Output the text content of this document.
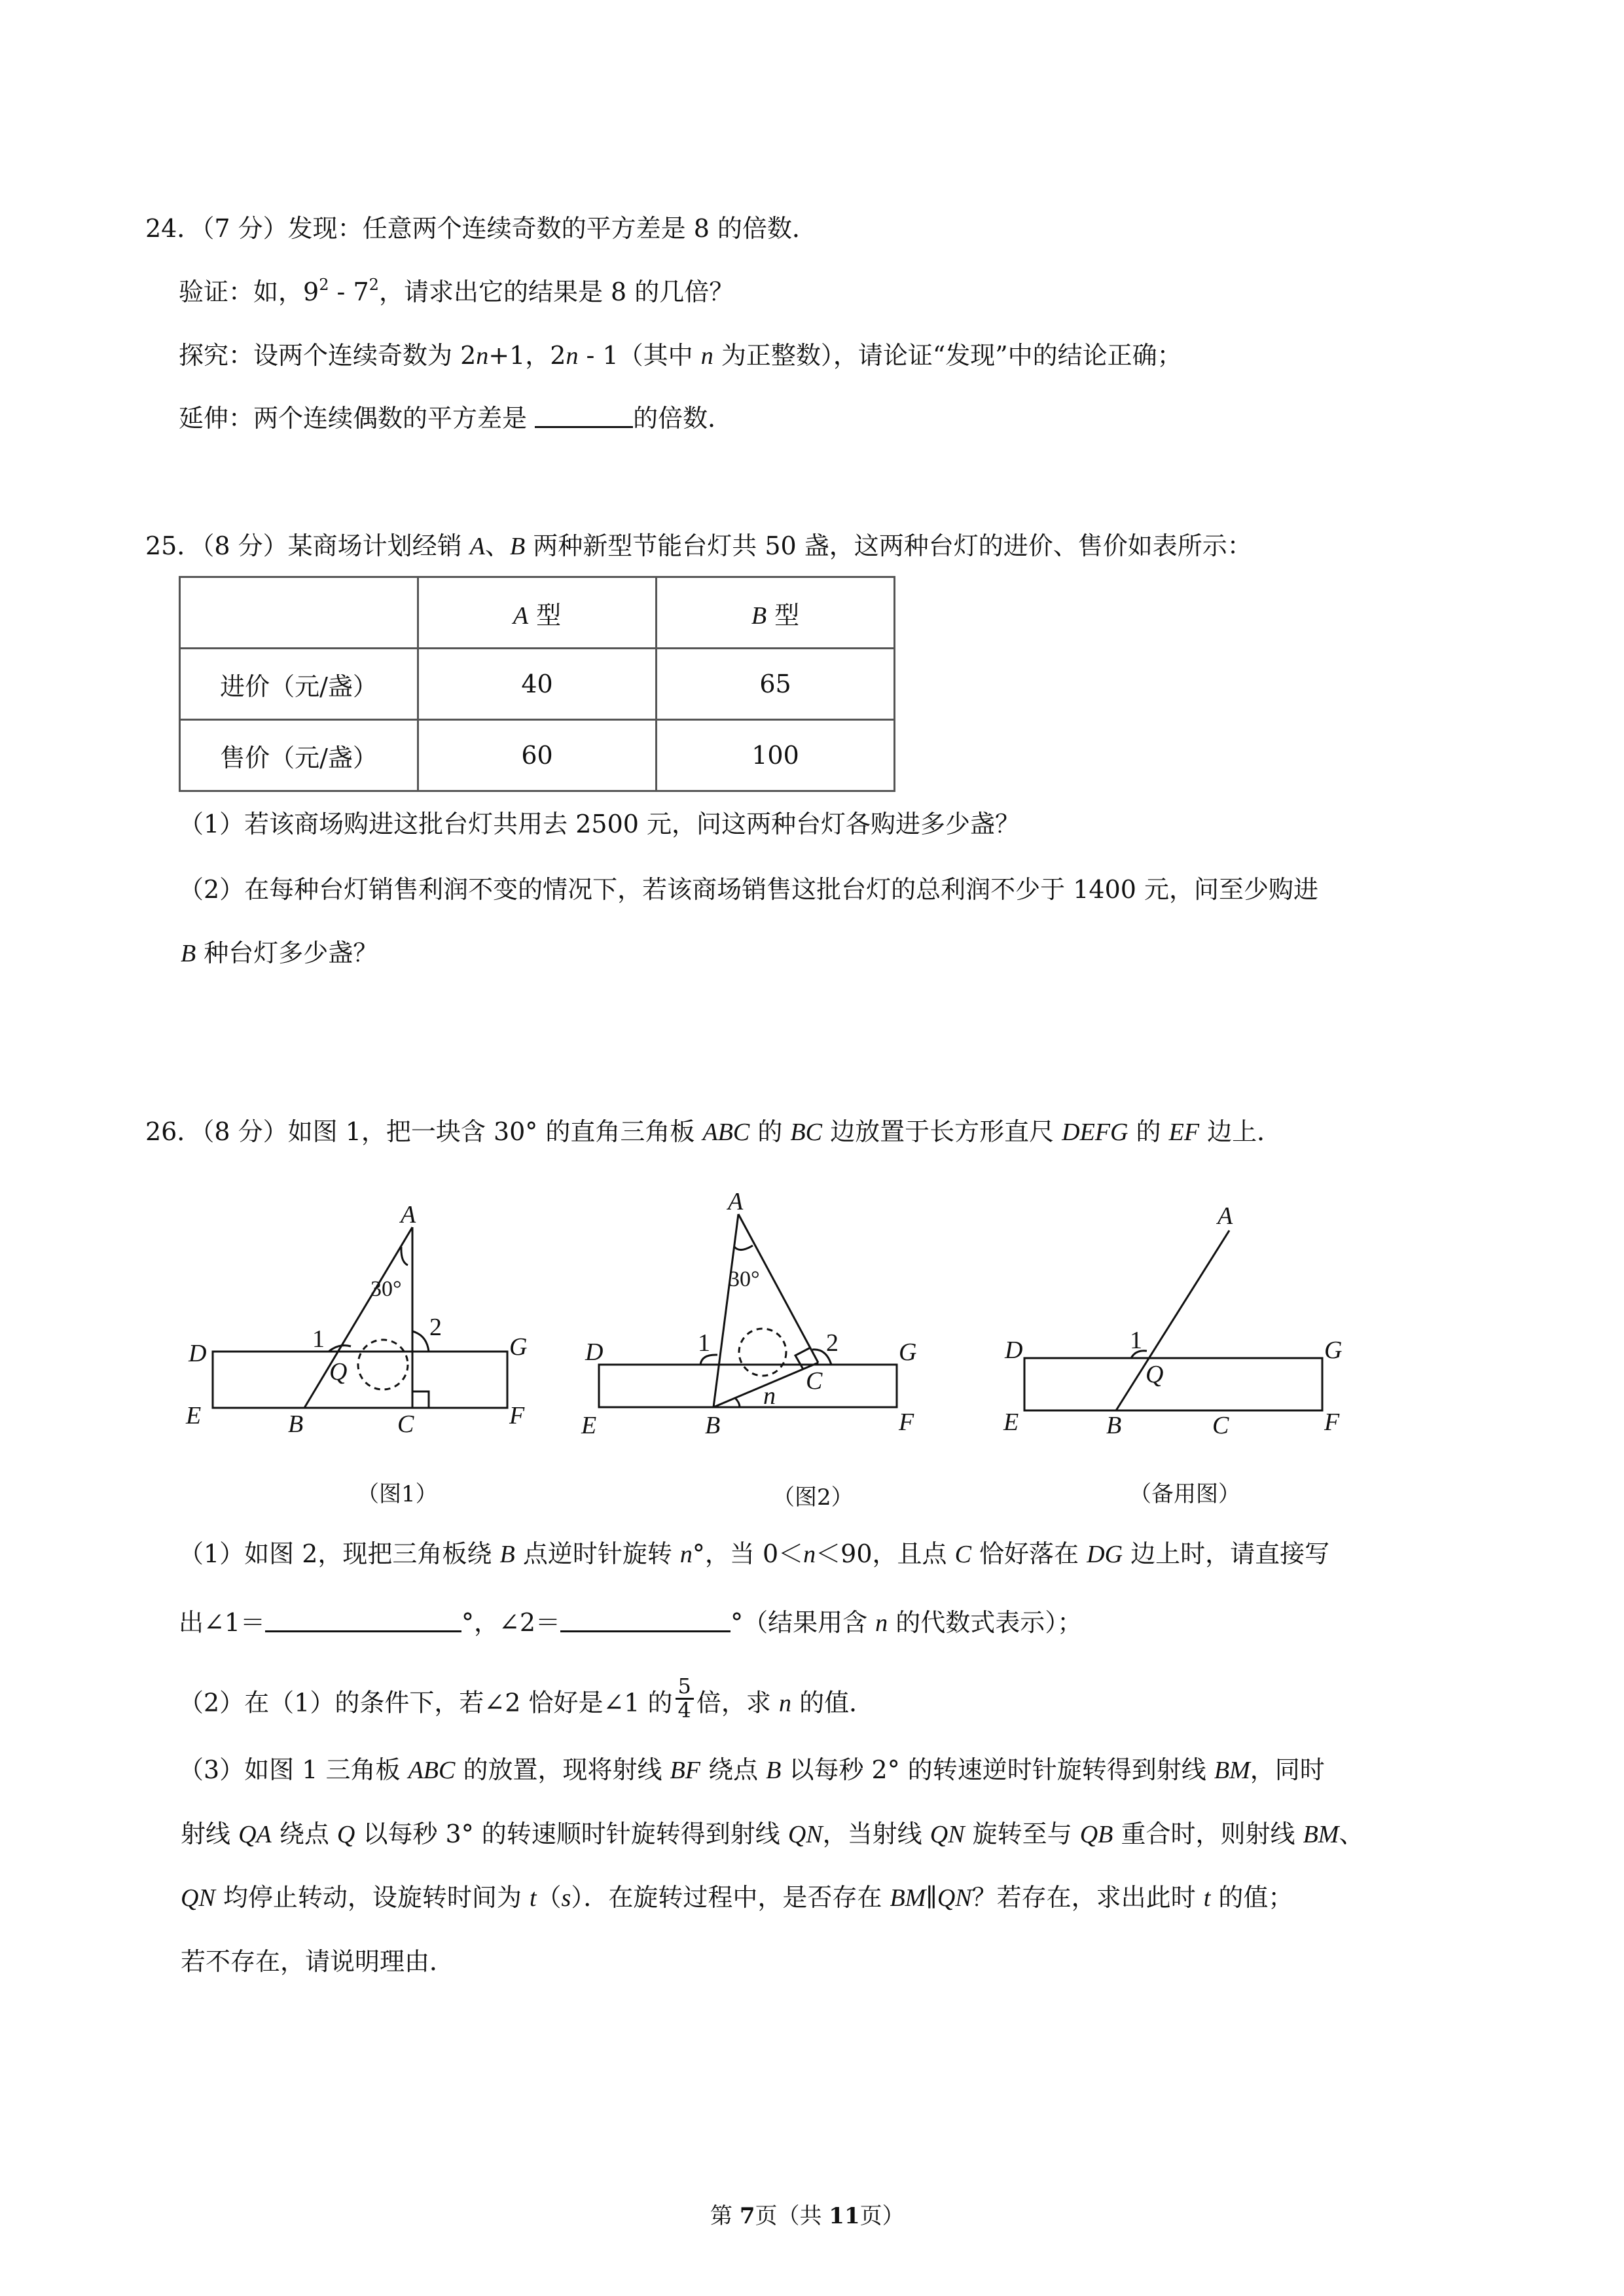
24．（7 分）发现：任意两个连续奇数的平方差是 8 的倍数．
验证：如，$9^2 - 7^2$，请求出它的结果是 8 的几倍？
探究：设两个连续奇数为 2n+1，2n - 1（其中 n 为正整数），请论证“发现”中的结论正确；
延伸：两个连续偶数的平方差是	的倍数．
25．（8 分）某商场计划经销 A、B 两种新型节能台灯共 50 盏，这两种台灯的进价、售价如表所示：
	A 型	B 型
进价（元/盏）	40	65
售价（元/盏）	60	100
（1）若该商场购进这批台灯共用去 2500 元，问这两种台灯各购进多少盏？
（2）在每种台灯销售利润不变的情况下，若该商场销售这批台灯的总利润不少于 1400 元，问至少购进
B 种台灯多少盏？
26．（8 分）如图 1，把一块含 30° 的直角三角板 ABC 的 BC 边放置于长方形直尺 DEFG 的 EF 边上．
A
D	G
Q
E	B	C	F
1	2
30°
A
D	G
C
n
E	B	F
1	2
30°
A
D	G
Q
E	B	C	F
1
（图1）	（图2）	（备用图）
（1）如图 2，现把三角板绕 B 点逆时针旋转 n°，当 0＜n＜90，且点 C 恰好落在 DG 边上时，请直接写
出∠1＝	°，∠2＝	°（结果用含 n 的代数式表示）；
（2）在（1）的条件下，若∠2 恰好是∠1 的 $\frac{5}{4}$ 倍，求 n 的值．
（3）如图 1 三角板 ABC 的放置，现将射线 BF 绕点 B 以每秒 2° 的转速逆时针旋转得到射线 BM，同时
射线 QA 绕点 Q 以每秒 3° 的转速顺时针旋转得到射线 QN，当射线 QN 旋转至与 QB 重合时，则射线 BM、
QN 均停止转动，设旋转时间为 t（s）．在旋转过程中，是否存在 BM∥QN？若存在，求出此时 t 的值；
若不存在，请说明理由．
第 7页（共 11页）
